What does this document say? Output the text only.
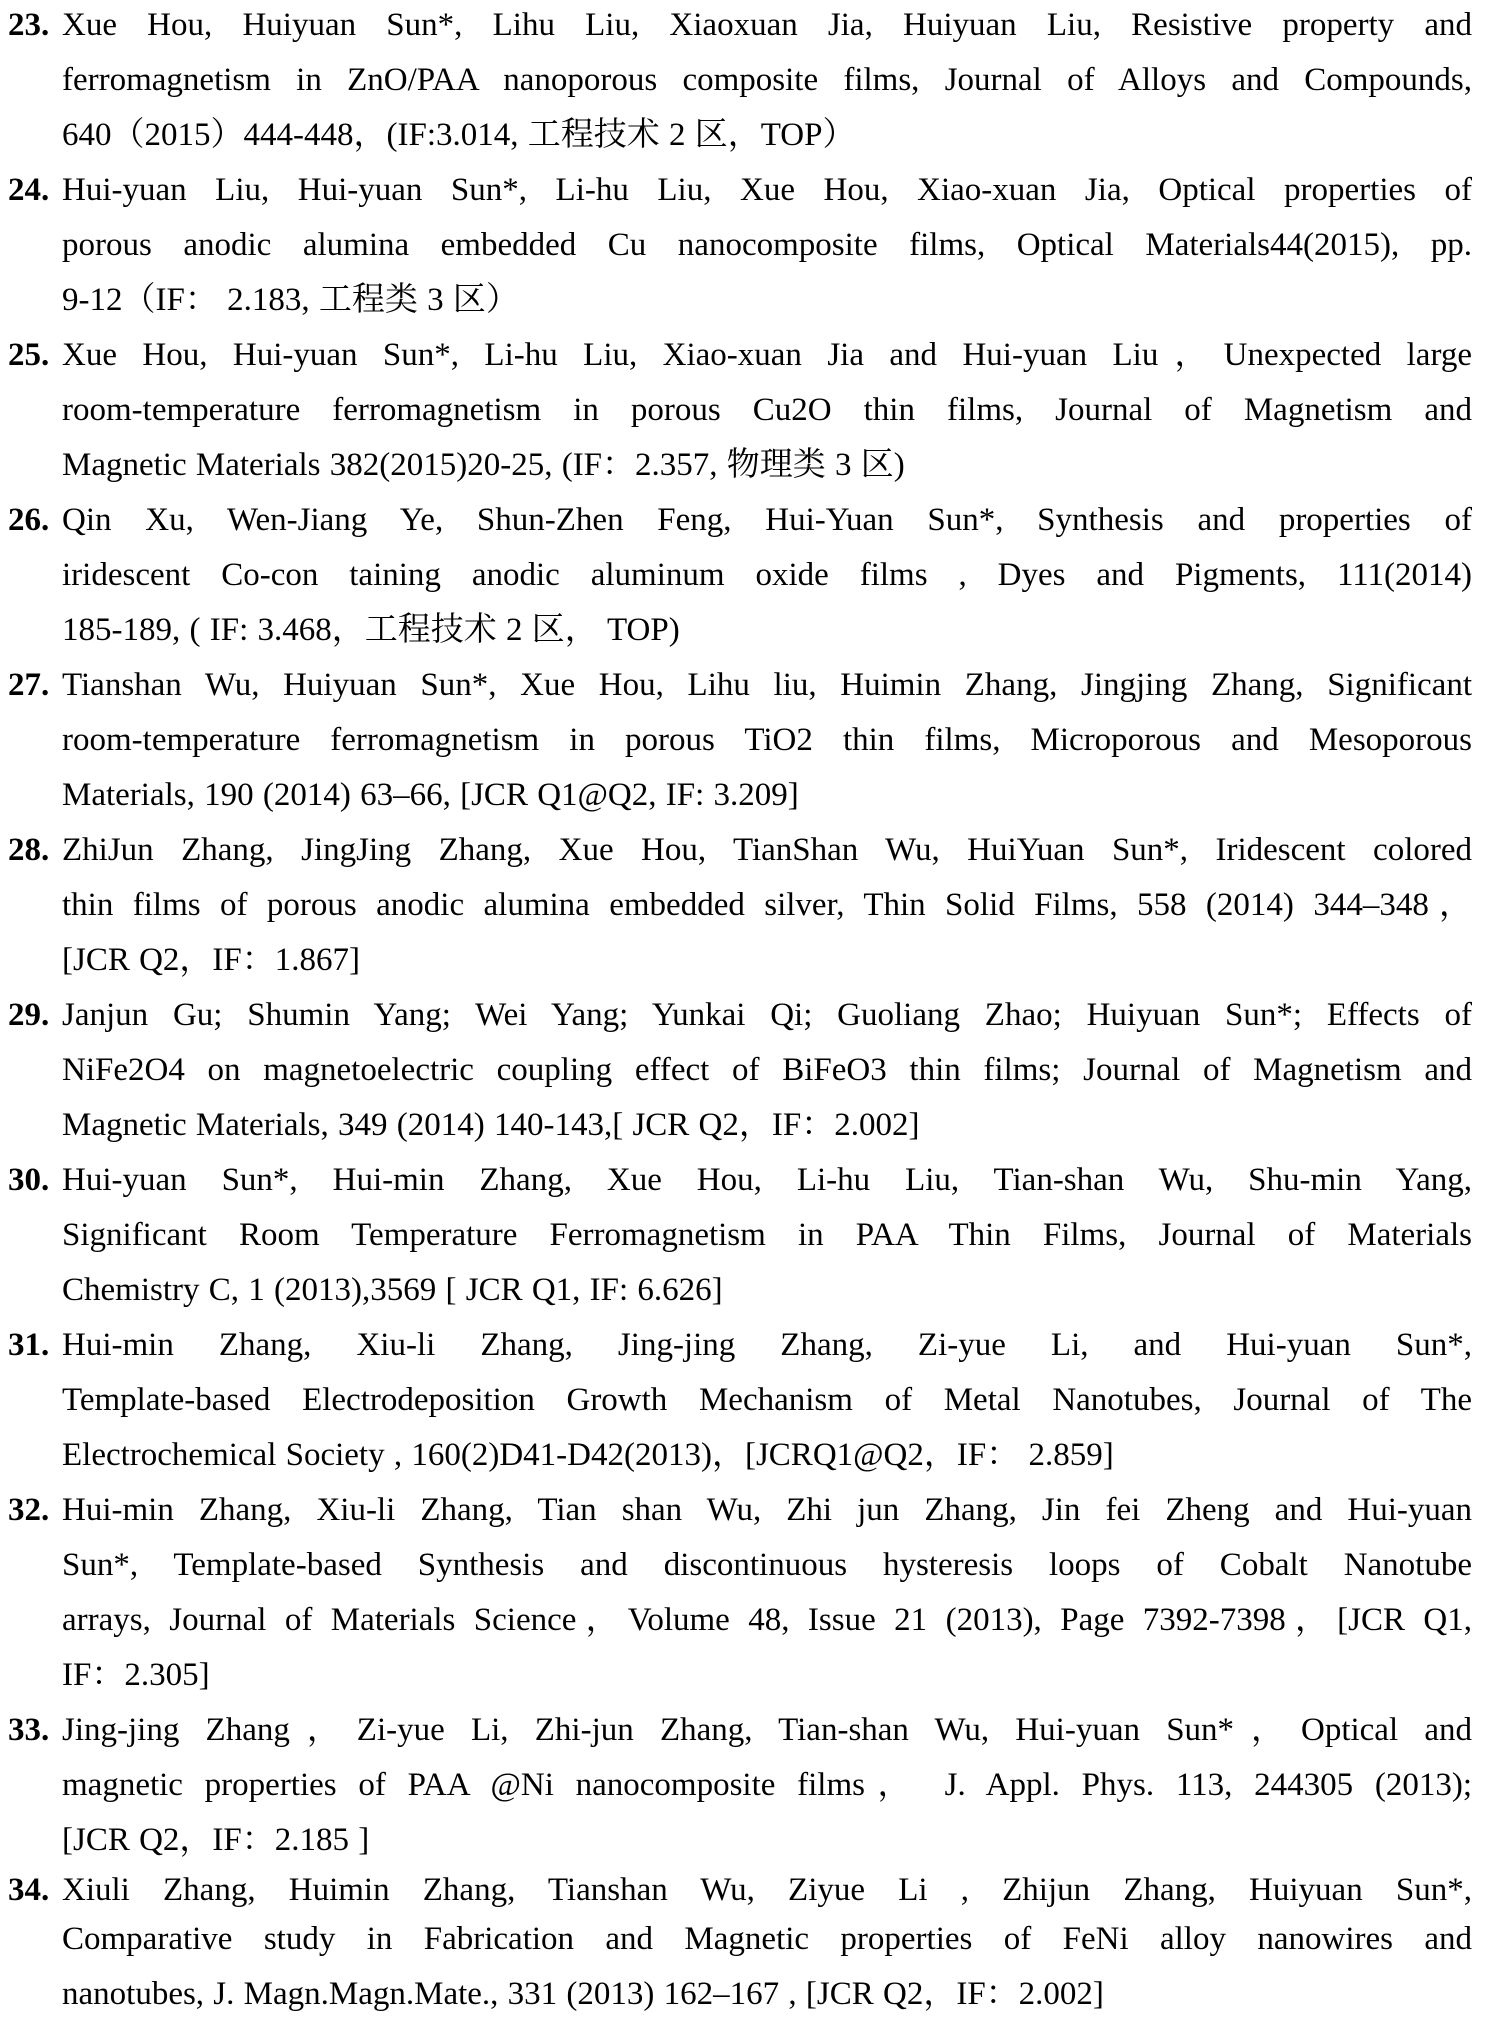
23. Xue Hou, Huiyuan Sun*, Lihu Liu, Xiaoxuan Jia, Huiyuan Liu, Resistive property and
ferromagnetism in ZnO/PAA nanoporous composite films, Journal of Alloys and Compounds,
640（2015）444-448，(IF:3.014, 工程技术 2 区，TOP）
24. Hui-yuan Liu, Hui-yuan Sun*, Li-hu Liu, Xue Hou, Xiao-xuan Jia, Optical properties of
porous anodic alumina embedded Cu nanocomposite films, Optical Materials44(2015), pp.
9-12（IF： 2.183, 工程类 3 区）
25. Xue Hou, Hui-yuan Sun*, Li-hu Liu, Xiao-xuan Jia and Hui-yuan Liu，Unexpected large
room-temperature ferromagnetism in porous Cu2O thin films, Journal of Magnetism and
Magnetic Materials 382(2015)20-25, (IF：2.357, 物理类 3 区)
26. Qin Xu, Wen-Jiang Ye, Shun-Zhen Feng, Hui-Yuan Sun*, Synthesis and properties of
iridescent Co-con taining anodic aluminum oxide films , Dyes and Pigments, 111(2014)
185-189, ( IF: 3.468，工程技术 2 区， TOP)
27. Tianshan Wu, Huiyuan Sun*, Xue Hou, Lihu liu, Huimin Zhang, Jingjing Zhang, Significant
room-temperature ferromagnetism in porous TiO2 thin films, Microporous and Mesoporous
Materials, 190 (2014) 63–66, [JCR Q1@Q2, IF: 3.209]
28. ZhiJun Zhang, JingJing Zhang, Xue Hou, TianShan Wu, HuiYuan Sun*, Iridescent colored
thin films of porous anodic alumina embedded silver, Thin Solid Films, 558 (2014) 344–348，
[JCR Q2，IF：1.867]
29. Janjun Gu; Shumin Yang; Wei Yang; Yunkai Qi; Guoliang Zhao; Huiyuan Sun*; Effects of
NiFe2O4 on magnetoelectric coupling effect of BiFeO3 thin films; Journal of Magnetism and
Magnetic Materials, 349 (2014) 140-143,[ JCR Q2，IF：2.002]
30. Hui-yuan Sun*, Hui-min Zhang, Xue Hou, Li-hu Liu, Tian-shan Wu, Shu-min Yang,
Significant Room Temperature Ferromagnetism in PAA Thin Films, Journal of Materials
Chemistry C, 1 (2013),3569 [ JCR Q1, IF: 6.626]
31. Hui-min Zhang, Xiu-li Zhang, Jing-jing Zhang, Zi-yue Li, and Hui-yuan Sun*,
Template-based Electrodeposition Growth Mechanism of Metal Nanotubes, Journal of The
Electrochemical Society , 160(2)D41-D42(2013)，[JCRQ1@Q2，IF： 2.859]
32. Hui-min Zhang, Xiu-li Zhang, Tian shan Wu, Zhi jun Zhang, Jin fei Zheng and Hui-yuan
Sun*, Template-based Synthesis and discontinuous hysteresis loops of Cobalt Nanotube
arrays, Journal of Materials Science，Volume 48, Issue 21 (2013), Page 7392-7398，[JCR Q1,
IF：2.305]
33. Jing-jing Zhang，Zi-yue Li, Zhi-jun Zhang, Tian-shan Wu, Hui-yuan Sun*，Optical and
magnetic properties of PAA @Ni nanocomposite films， J. Appl. Phys. 113, 244305 (2013);
[JCR Q2，IF：2.185 ]
34. Xiuli Zhang, Huimin Zhang, Tianshan Wu, Ziyue Li , Zhijun Zhang, Huiyuan Sun*,
Comparative study in Fabrication and Magnetic properties of FeNi alloy nanowires and
nanotubes, J. Magn.Magn.Mate., 331 (2013) 162–167 , [JCR Q2，IF：2.002]
